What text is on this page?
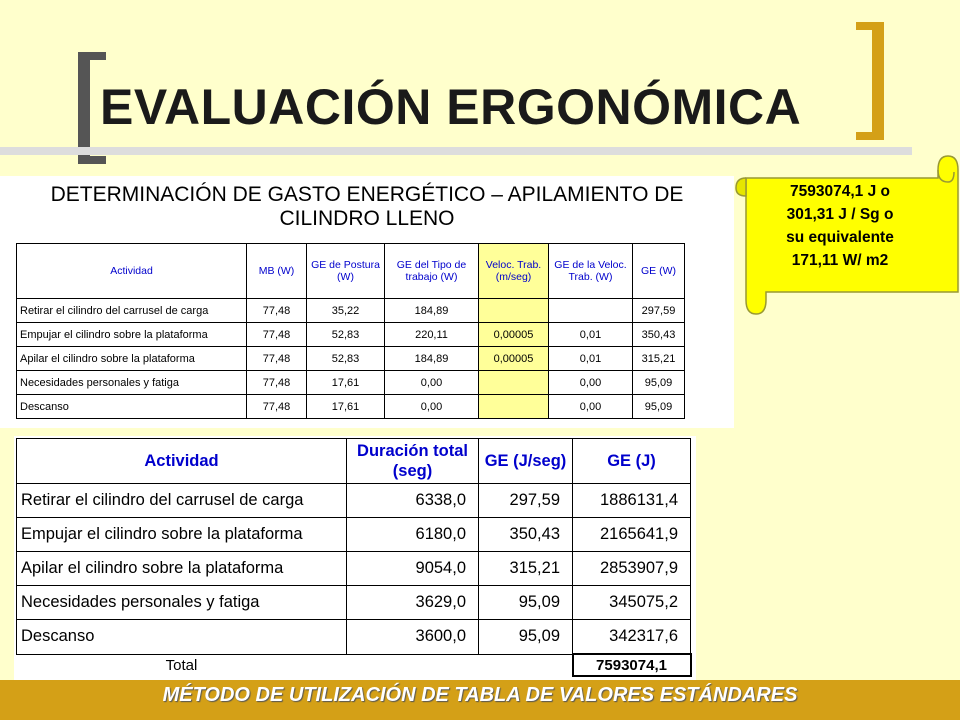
EVALUACIÓN ERGONÓMICA
DETERMINACIÓN DE GASTO ENERGÉTICO – APILAMIENTO DE
CILINDRO LLENO
Actividad	MB (W)	GE de Postura (W)	GE del Tipo de trabajo (W)	Veloc. Trab. (m/seg)	GE de la Veloc. Trab. (W)	GE (W)
Retirar el cilindro del carrusel de carga	77,48	35,22	184,89			297,59
Empujar el cilindro sobre la plataforma	77,48	52,83	220,11	0,00005	0,01	350,43
Apilar el cilindro sobre la plataforma	77,48	52,83	184,89	0,00005	0,01	315,21
Necesidades personales y fatiga	77,48	17,61	0,00		0,00	95,09
Descanso	77,48	17,61	0,00		0,00	95,09
Actividad	Duración total (seg)	GE (J/seg)	GE (J)
Retirar el cilindro del carrusel de carga	6338,0	297,59	1886131,4
Empujar el cilindro sobre la plataforma	6180,0	350,43	2165641,9
Apilar el cilindro sobre la plataforma	9054,0	315,21	2853907,9
Necesidades personales y fatiga	3629,0	95,09	345075,2
Descanso	3600,0	95,09	342317,6
Total			7593074,1
7593074,1 J o
301,31 J / Sg o
su equivalente
171,11 W/ m2
MÉTODO DE UTILIZACIÓN DE TABLA DE VALORES ESTÁNDARES
